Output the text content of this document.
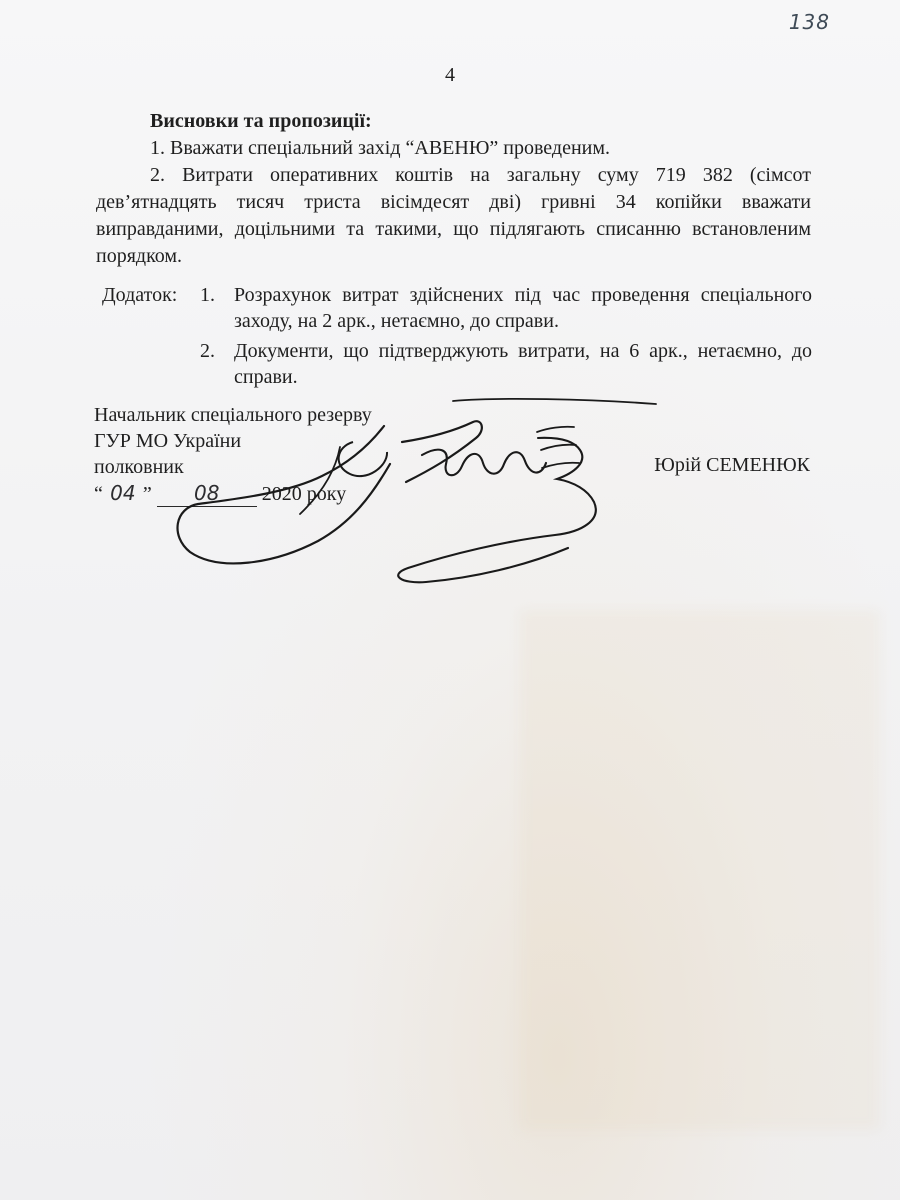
138
4

Висновки та пропозиції:

1. Вважати спеціальний захід “АВЕНЮ” проведеним.

2. Витрати оперативних коштів на загальну суму 719 382 (сімсот дев’ятнадцять тисяч триста вісімдесят дві) гривні 34 копійки вважати виправданими, доцільними та такими, що підлягають списанню встановленим порядком.

Додаток:	1. Розрахунок витрат здійснених під час проведення спеціального заходу, на 2 арк., нетаємно, до справи.
2. Документи, що підтверджують витрати, на 6 арк., нетаємно, до справи.

Начальник спеціального резерву

ГУР МО України

полковник

“ 04 ” 08 2020 року

Юрій СЕМЕНЮК
